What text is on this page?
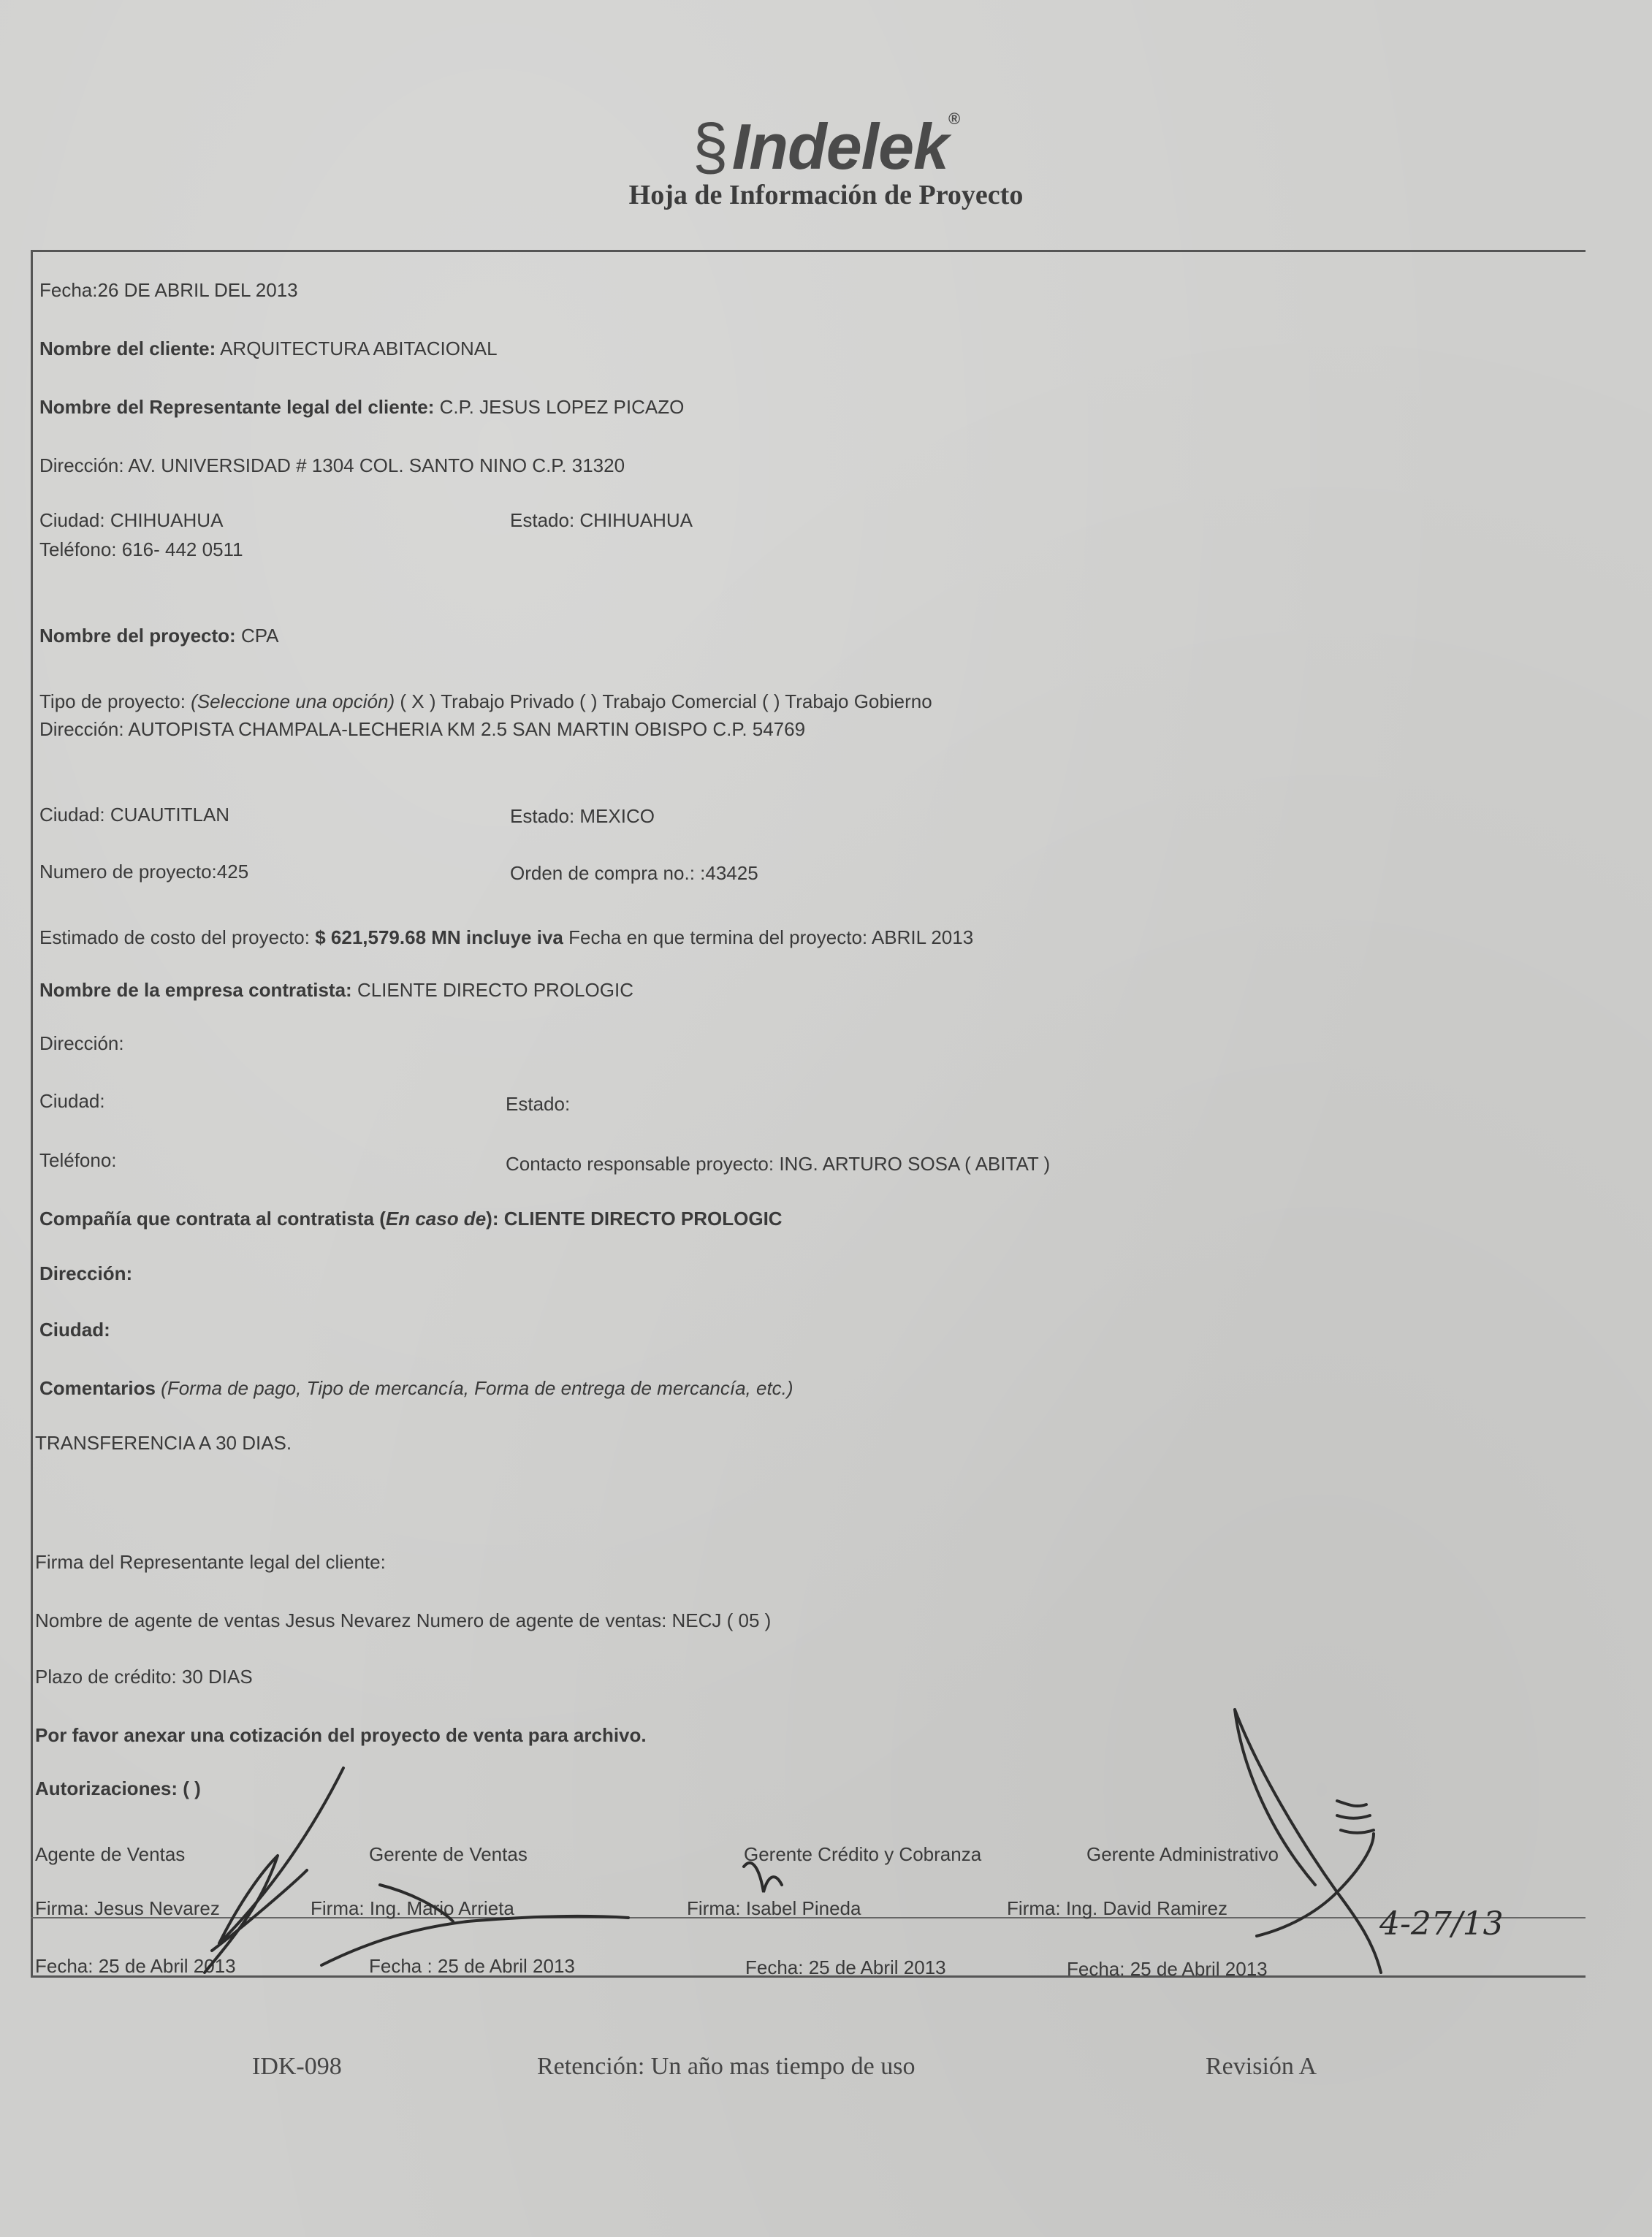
§Indelek®
Hoja de Información de Proyecto
Fecha:26 DE ABRIL DEL 2013
Nombre del cliente: ARQUITECTURA ABITACIONAL
Nombre del Representante legal del cliente: C.P. JESUS LOPEZ PICAZO
Dirección: AV. UNIVERSIDAD # 1304 COL. SANTO NINO C.P. 31320
Ciudad: CHIHUAHUA	Estado: CHIHUAHUA
Teléfono: 616- 442 0511
Nombre del proyecto: CPA
Tipo de proyecto: (Seleccione una opción) ( X ) Trabajo Privado ( ) Trabajo Comercial ( ) Trabajo Gobierno
Dirección: AUTOPISTA CHAMPALA-LECHERIA KM 2.5 SAN MARTIN OBISPO C.P. 54769
Ciudad: CUAUTITLAN	Estado: MEXICO
Numero de proyecto:425	Orden de compra no.: :43425
Estimado de costo del proyecto: $ 621,579.68 MN incluye iva Fecha en que termina del proyecto: ABRIL 2013
Nombre de la empresa contratista: CLIENTE DIRECTO PROLOGIC
Dirección:
Ciudad:	Estado:
Teléfono:	Contacto responsable proyecto: ING. ARTURO SOSA ( ABITAT )
Compañía que contrata al contratista (En caso de): CLIENTE DIRECTO PROLOGIC
Dirección:
Ciudad:
Comentarios (Forma de pago, Tipo de mercancía, Forma de entrega de mercancía, etc.)
TRANSFERENCIA A 30 DIAS.
Firma del Representante legal del cliente:
Nombre de agente de ventas Jesus Nevarez Numero de agente de ventas: NECJ ( 05 )
Plazo de crédito: 30 DIAS
Por favor anexar una cotización del proyecto de venta para archivo.
Autorizaciones: ( )
Agente de Ventas	Gerente de Ventas	Gerente Crédito y Cobranza	Gerente Administrativo
Firma: Jesus Nevarez	Firma: Ing. Mario Arrieta	Firma: Isabel Pineda	Firma: Ing. David Ramirez
Fecha: 25 de Abril 2013	Fecha : 25 de Abril 2013	Fecha: 25 de Abril 2013	Fecha: 25 de Abril 2013
4-27/13
IDK-098	Retención: Un año mas tiempo de uso	Revisión A
